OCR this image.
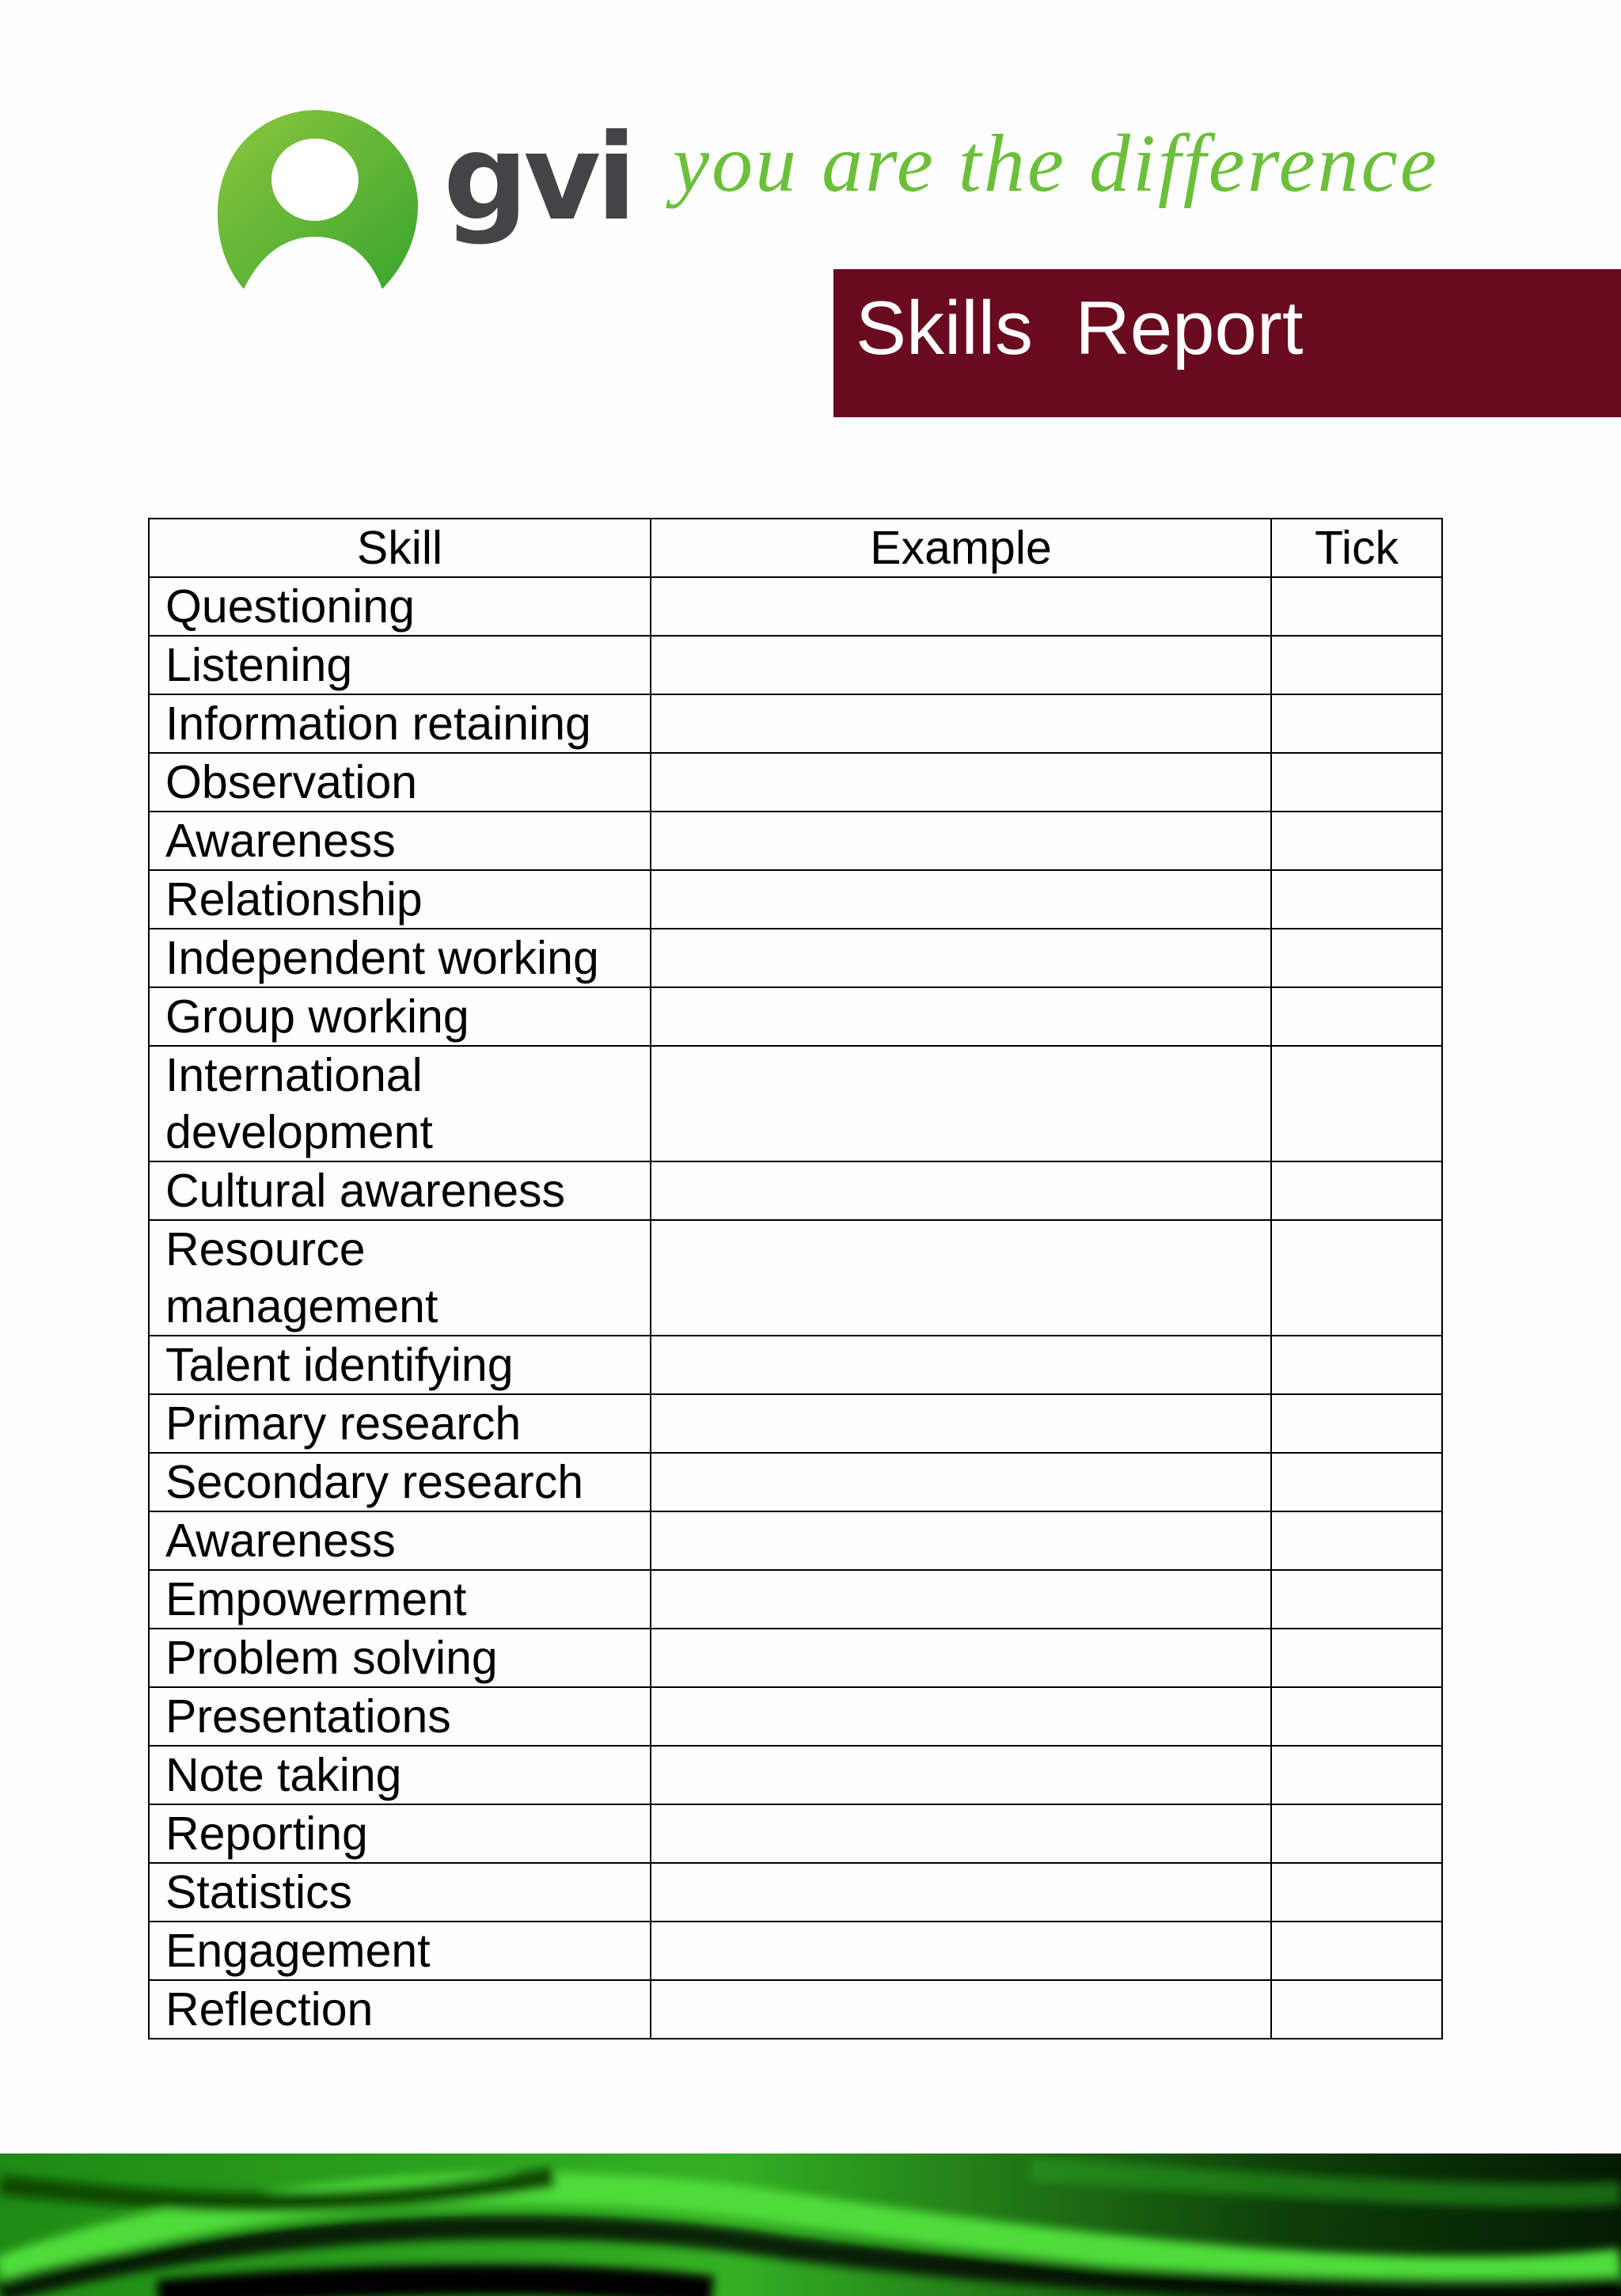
gvi you are the difference
Skills  Report
Skill	Example	Tick
Questioning		
Listening		
Information retaining		
Observation		
Awareness		
Relationship		
Independent working		
Group working		
International development		
Cultural awareness		
Resource management		
Talent identifying		
Primary research		
Secondary research		
Awareness		
Empowerment		
Problem solving		
Presentations		
Note taking		
Reporting		
Statistics		
Engagement		
Reflection		
